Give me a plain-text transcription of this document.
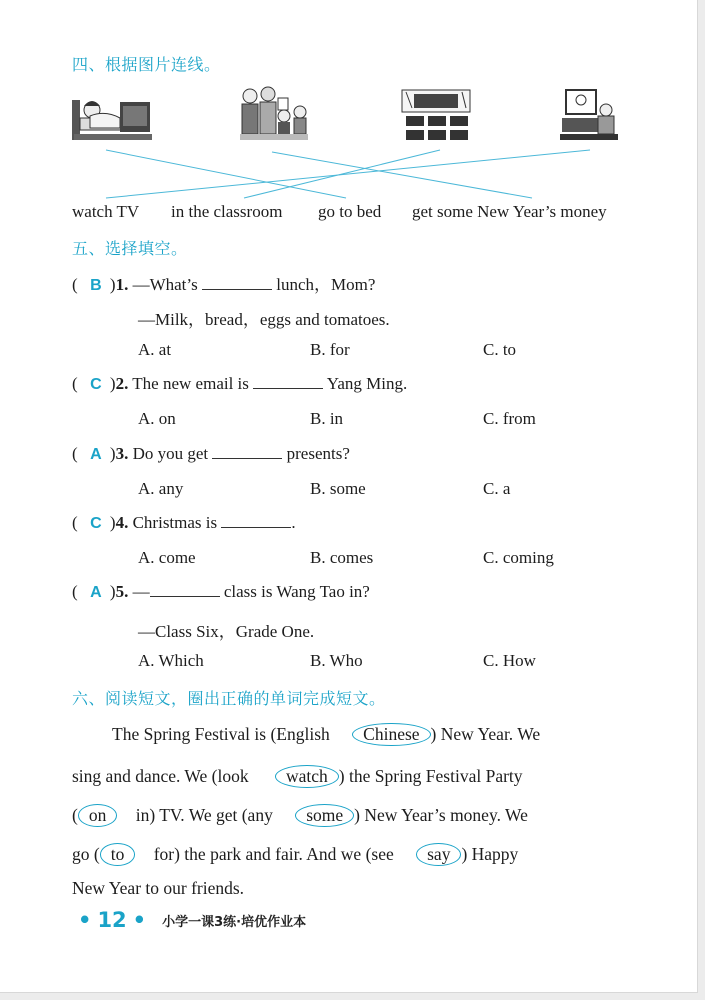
四、根据图片连线。
watch TV in the classroom go to bed get some New Year’s money
五、选择填空。
( B )1. —What’s	lunch，Mom?
—Milk，bread，eggs and tomatoes.
A. at	B. for	C. to
( C )2. The new email is	Yang Ming.
A. on	B. in	C. from
( A )3. Do you get	presents?
A. any	B. some	C. a
( C )4. Christmas is	.
A. come	B. comes	C. coming
( A )5. —	class is Wang Tao in?
—Class Six，Grade One.
A. Which	B. Who	C. How
六、阅读短文，圈出正确的单词完成短文。
The Spring Festival is (English Chinese ) New Year. We
sing and dance. We (look watch ) the Spring Festival Party
( on in) TV. We get (any some ) New Year’s money. We
go ( to for) the park and fair. And we (see say ) Happy
New Year to our friends.
• 12 • 小学一课3练·培优作业本
